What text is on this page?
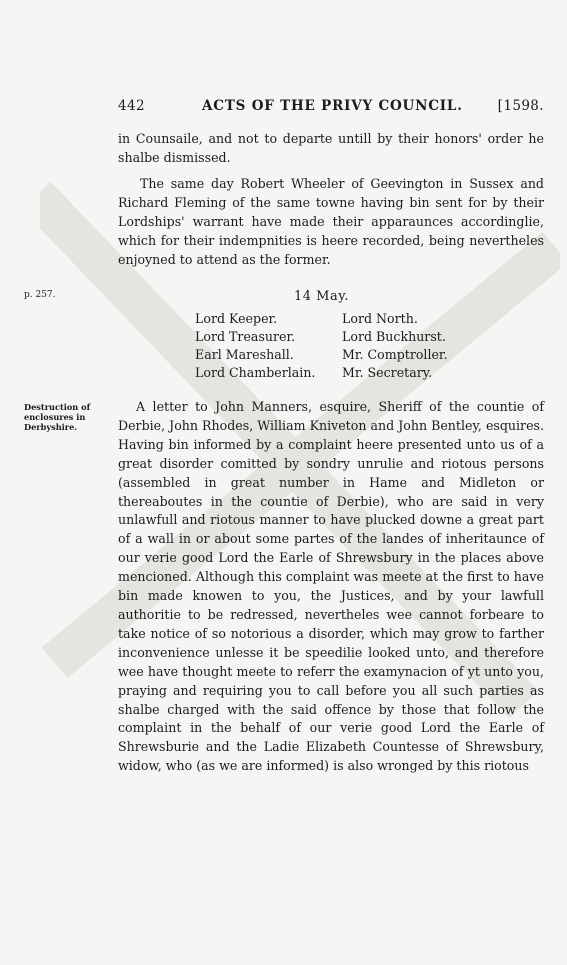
442	ACTS OF THE PRIVY COUNCIL.	[1598.
in Counsaile, and not to departe untill by their honors' order he shalbe dismissed.
The same day Robert Wheeler of Geevington in Sussex and Richard Fleming of the same towne having bin sent for by their Lordships' warrant have made their apparaunces accordinglie, which for their indempnities is heere recorded, being nevertheles enjoyned to attend as the former.
p. 257.	14 May.
Lord Keeper.	Lord North.
Lord Treasurer.	Lord Buckhurst.
Earl Mareshall.	Mr. Comptroller.
Lord Chamberlain.	Mr. Secretary.
Destruction of enclosures in Derbyshire.
A letter to John Manners, esquire, Sheriff of the countie of Derbie, John Rhodes, William Kniveton and John Bentley, esquires. Having bin informed by a complaint heere presented unto us of a great disorder comitted by sondry unrulie and riotous persons (assembled in great number in Hame and Midleton or thereaboutes in the countie of Derbie), who are said in very unlawfull and riotous manner to have plucked downe a great part of a wall in or about some partes of the landes of inheritaunce of our verie good Lord the Earle of Shrewsbury in the places above mencioned. Although this complaint was meete at the first to have bin made knowen to you, the Justices, and by your lawfull authoritie to be redressed, nevertheles wee cannot forbeare to take notice of so notorious a disorder, which may grow to farther inconvenience unlesse it be speedilie looked unto, and therefore wee have thought meete to referr the examynacion of yt unto you, praying and requiring you to call before you all such parties as shalbe charged with the said offence by those that follow the complaint in the behalf of our verie good Lord the Earle of Shrewsburie and the Ladie Elizabeth Countesse of Shrewsbury, widow, who (as we are informed) is also wronged by this riotous
